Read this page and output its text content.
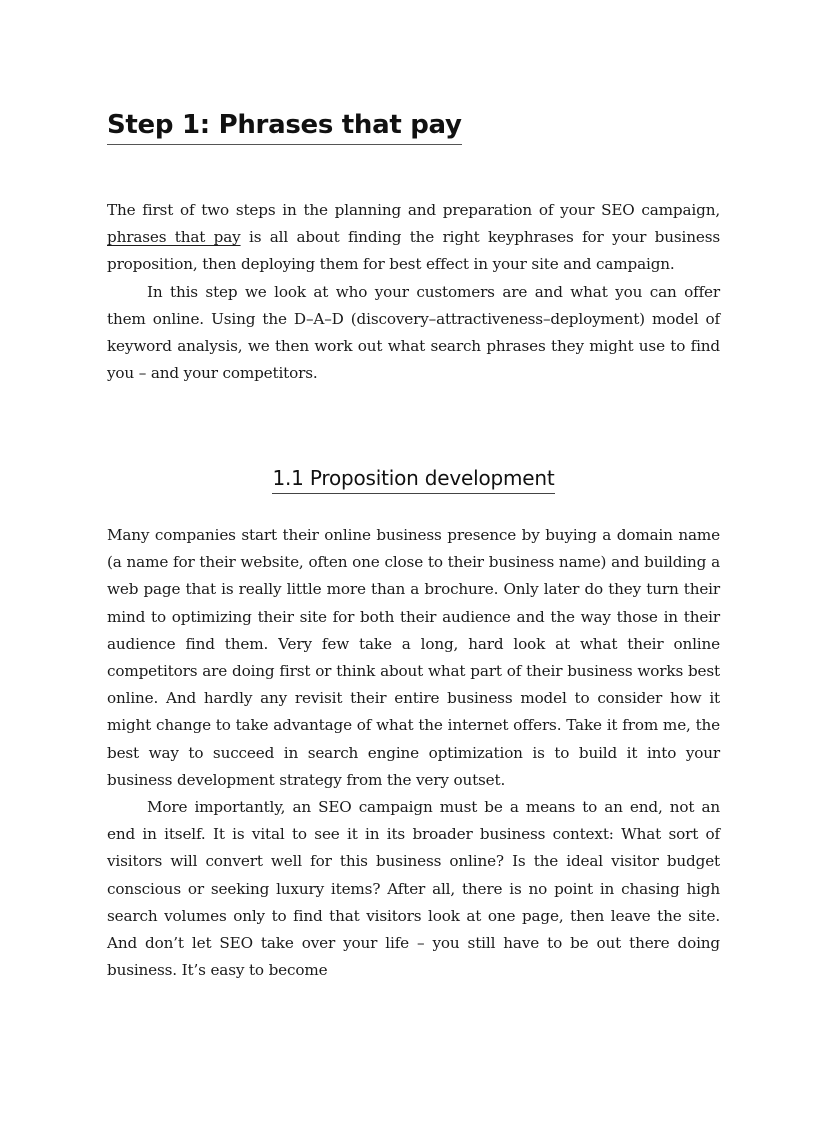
Step 1: Phrases that pay

The first of two steps in the planning and preparation of your SEO campaign, phrases that pay is all about finding the right keyphrases for your business proposition, then deploying them for best effect in your site and campaign.

In this step we look at who your customers are and what you can offer them online. Using the D–A–D (discovery–attractiveness–deployment) model of keyword analysis, we then work out what search phrases they might use to find you – and your competitors.

1.1 Proposition development

Many companies start their online business presence by buying a domain name (a name for their website, often one close to their business name) and building a web page that is really little more than a brochure. Only later do they turn their mind to optimizing their site for both their audience and the way those in their audience find them. Very few take a long, hard look at what their online competitors are doing first or think about what part of their business works best online. And hardly any revisit their entire business model to consider how it might change to take advantage of what the internet offers. Take it from me, the best way to succeed in search engine optimization is to build it into your business development strategy from the very outset.

More importantly, an SEO campaign must be a means to an end, not an end in itself. It is vital to see it in its broader business context: What sort of visitors will convert well for this business online? Is the ideal visitor budget conscious or seeking luxury items? After all, there is no point in chasing high search volumes only to find that visitors look at one page, then leave the site. And don’t let SEO take over your life – you still have to be out there doing business. It’s easy to become
